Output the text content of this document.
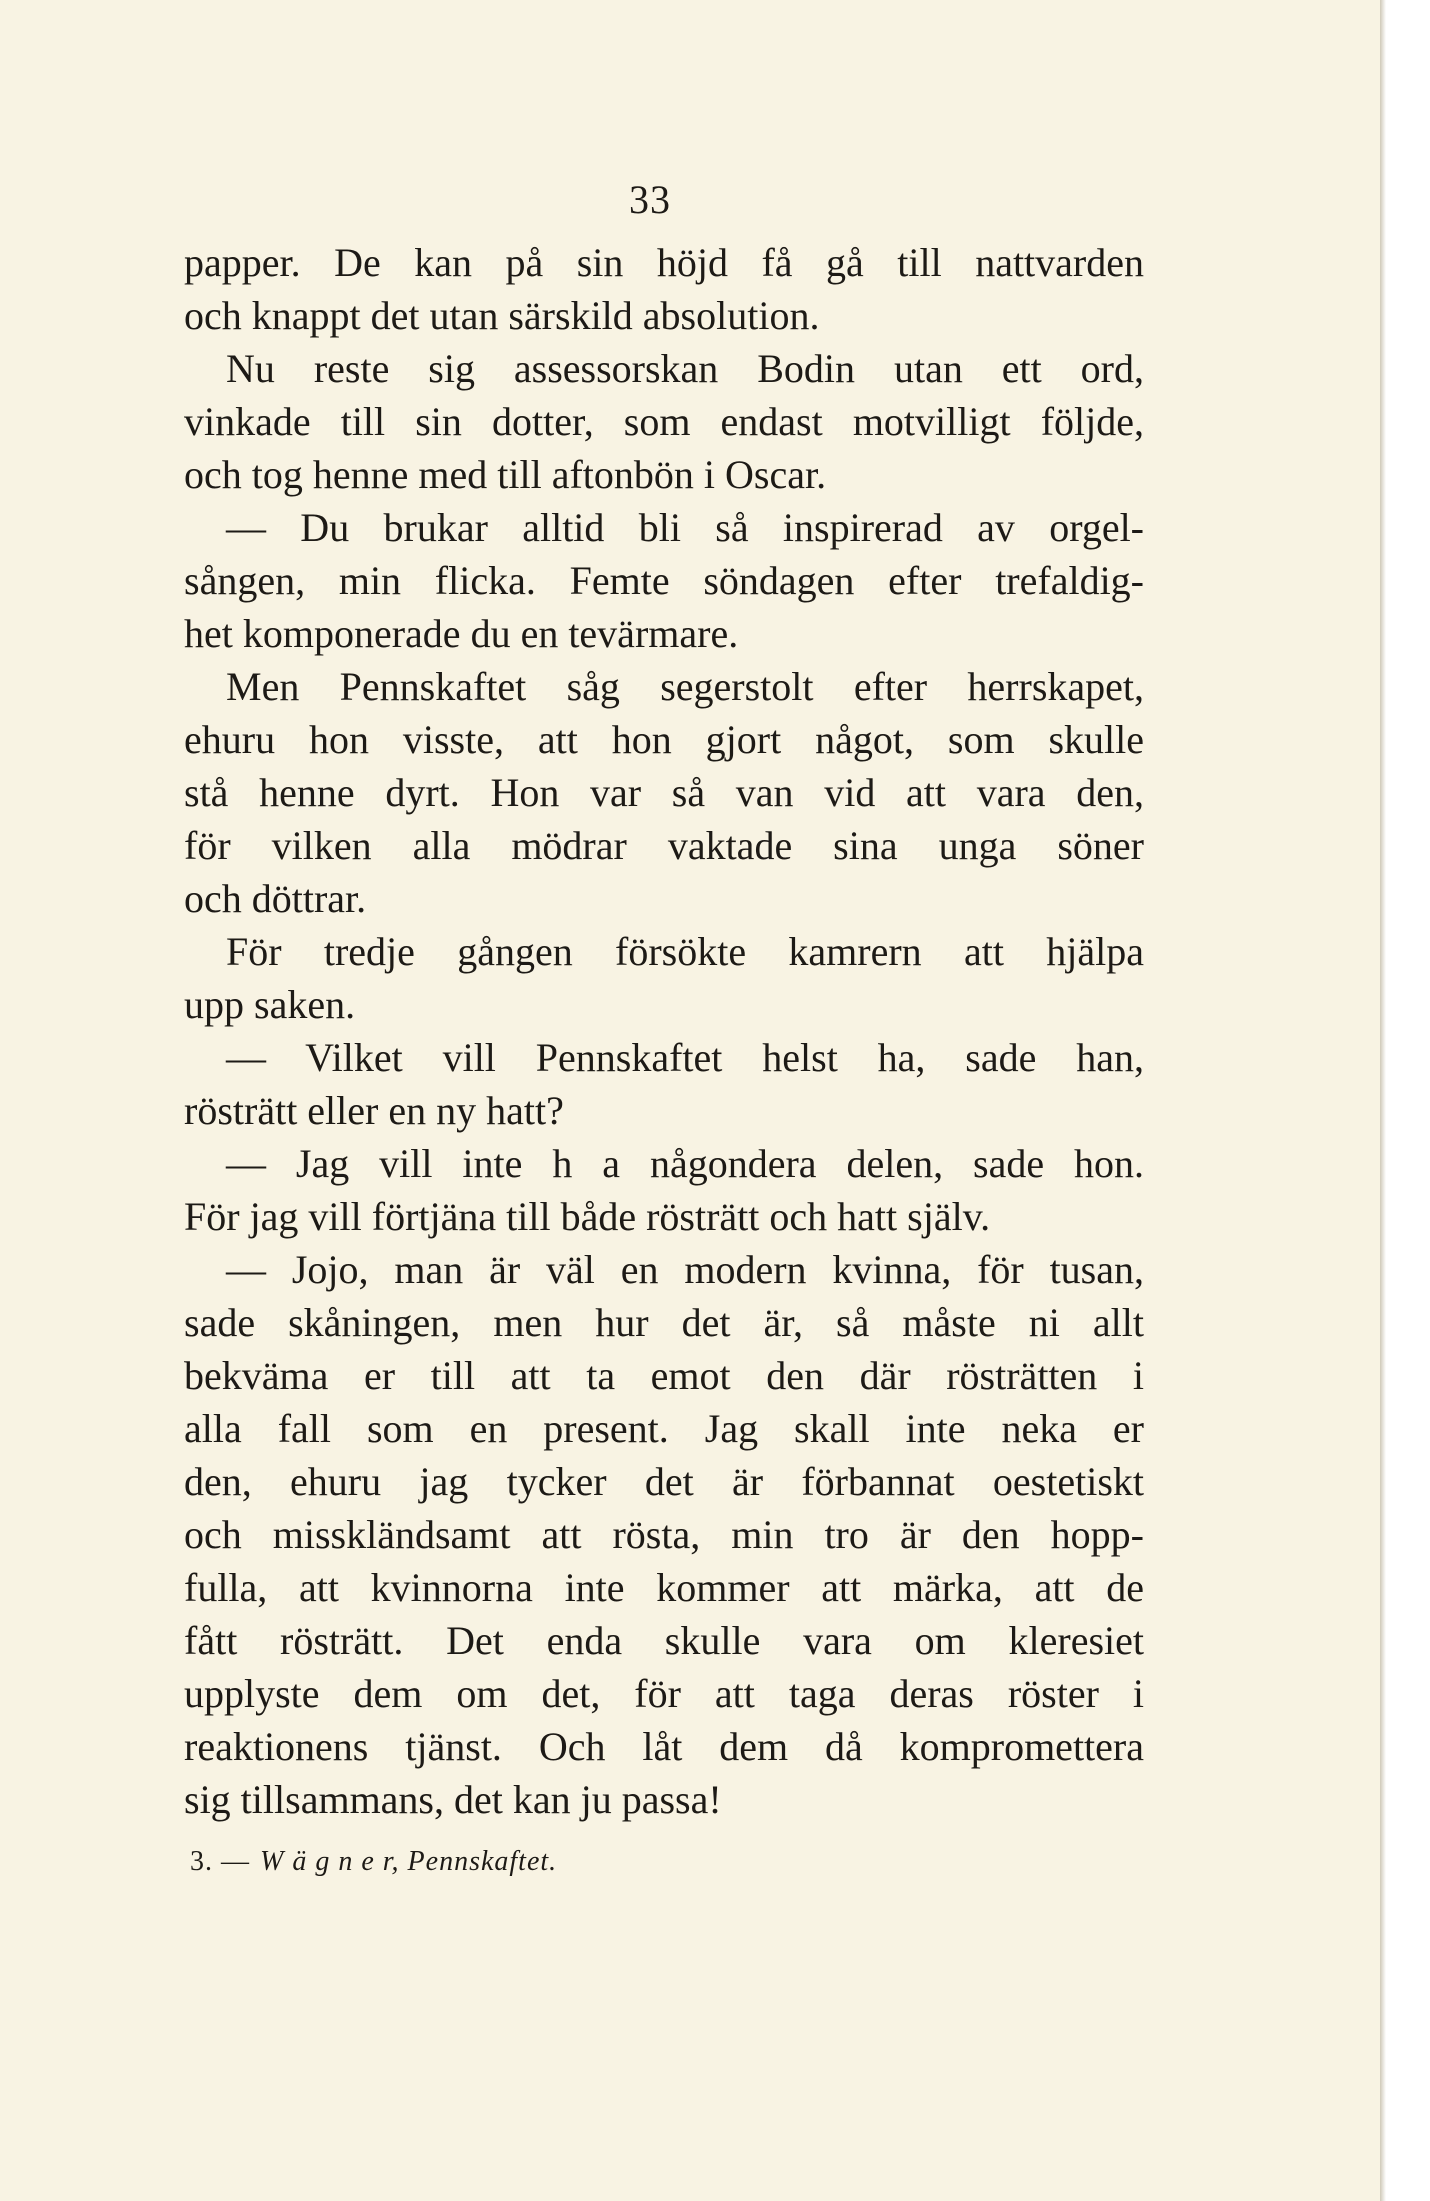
33
papper. De kan på sin höjd få gå till nattvarden
och knappt det utan särskild absolution.
Nu reste sig assessorskan Bodin utan ett ord,
vinkade till sin dotter, som endast motvilligt följde,
och tog henne med till aftonbön i Oscar.
— Du brukar alltid bli så inspirerad av orgel-
sången, min flicka. Femte söndagen efter trefaldig-
het komponerade du en tevärmare.
Men Pennskaftet såg segerstolt efter herrskapet,
ehuru hon visste, att hon gjort något, som skulle
stå henne dyrt. Hon var så van vid att vara den,
för vilken alla mödrar vaktade sina unga söner
och döttrar.
För tredje gången försökte kamrern att hjälpa
upp saken.
— Vilket vill Pennskaftet helst ha, sade han,
rösträtt eller en ny hatt?
— Jag vill inte h a någondera delen, sade hon.
För jag vill förtjäna till både rösträtt och hatt själv.
— Jojo, man är väl en modern kvinna, för tusan,
sade skåningen, men hur det är, så måste ni allt
bekväma er till att ta emot den där rösträtten i
alla fall som en present. Jag skall inte neka er
den, ehuru jag tycker det är förbannat oestetiskt
och misskländsamt att rösta, min tro är den hopp-
fulla, att kvinnorna inte kommer att märka, att de
fått rösträtt. Det enda skulle vara om kleresiet
upplyste dem om det, för att taga deras röster i
reaktionens tjänst. Och låt dem då kompromettera
sig tillsammans, det kan ju passa!
3. — W ä g n e r, Pennskaftet.
